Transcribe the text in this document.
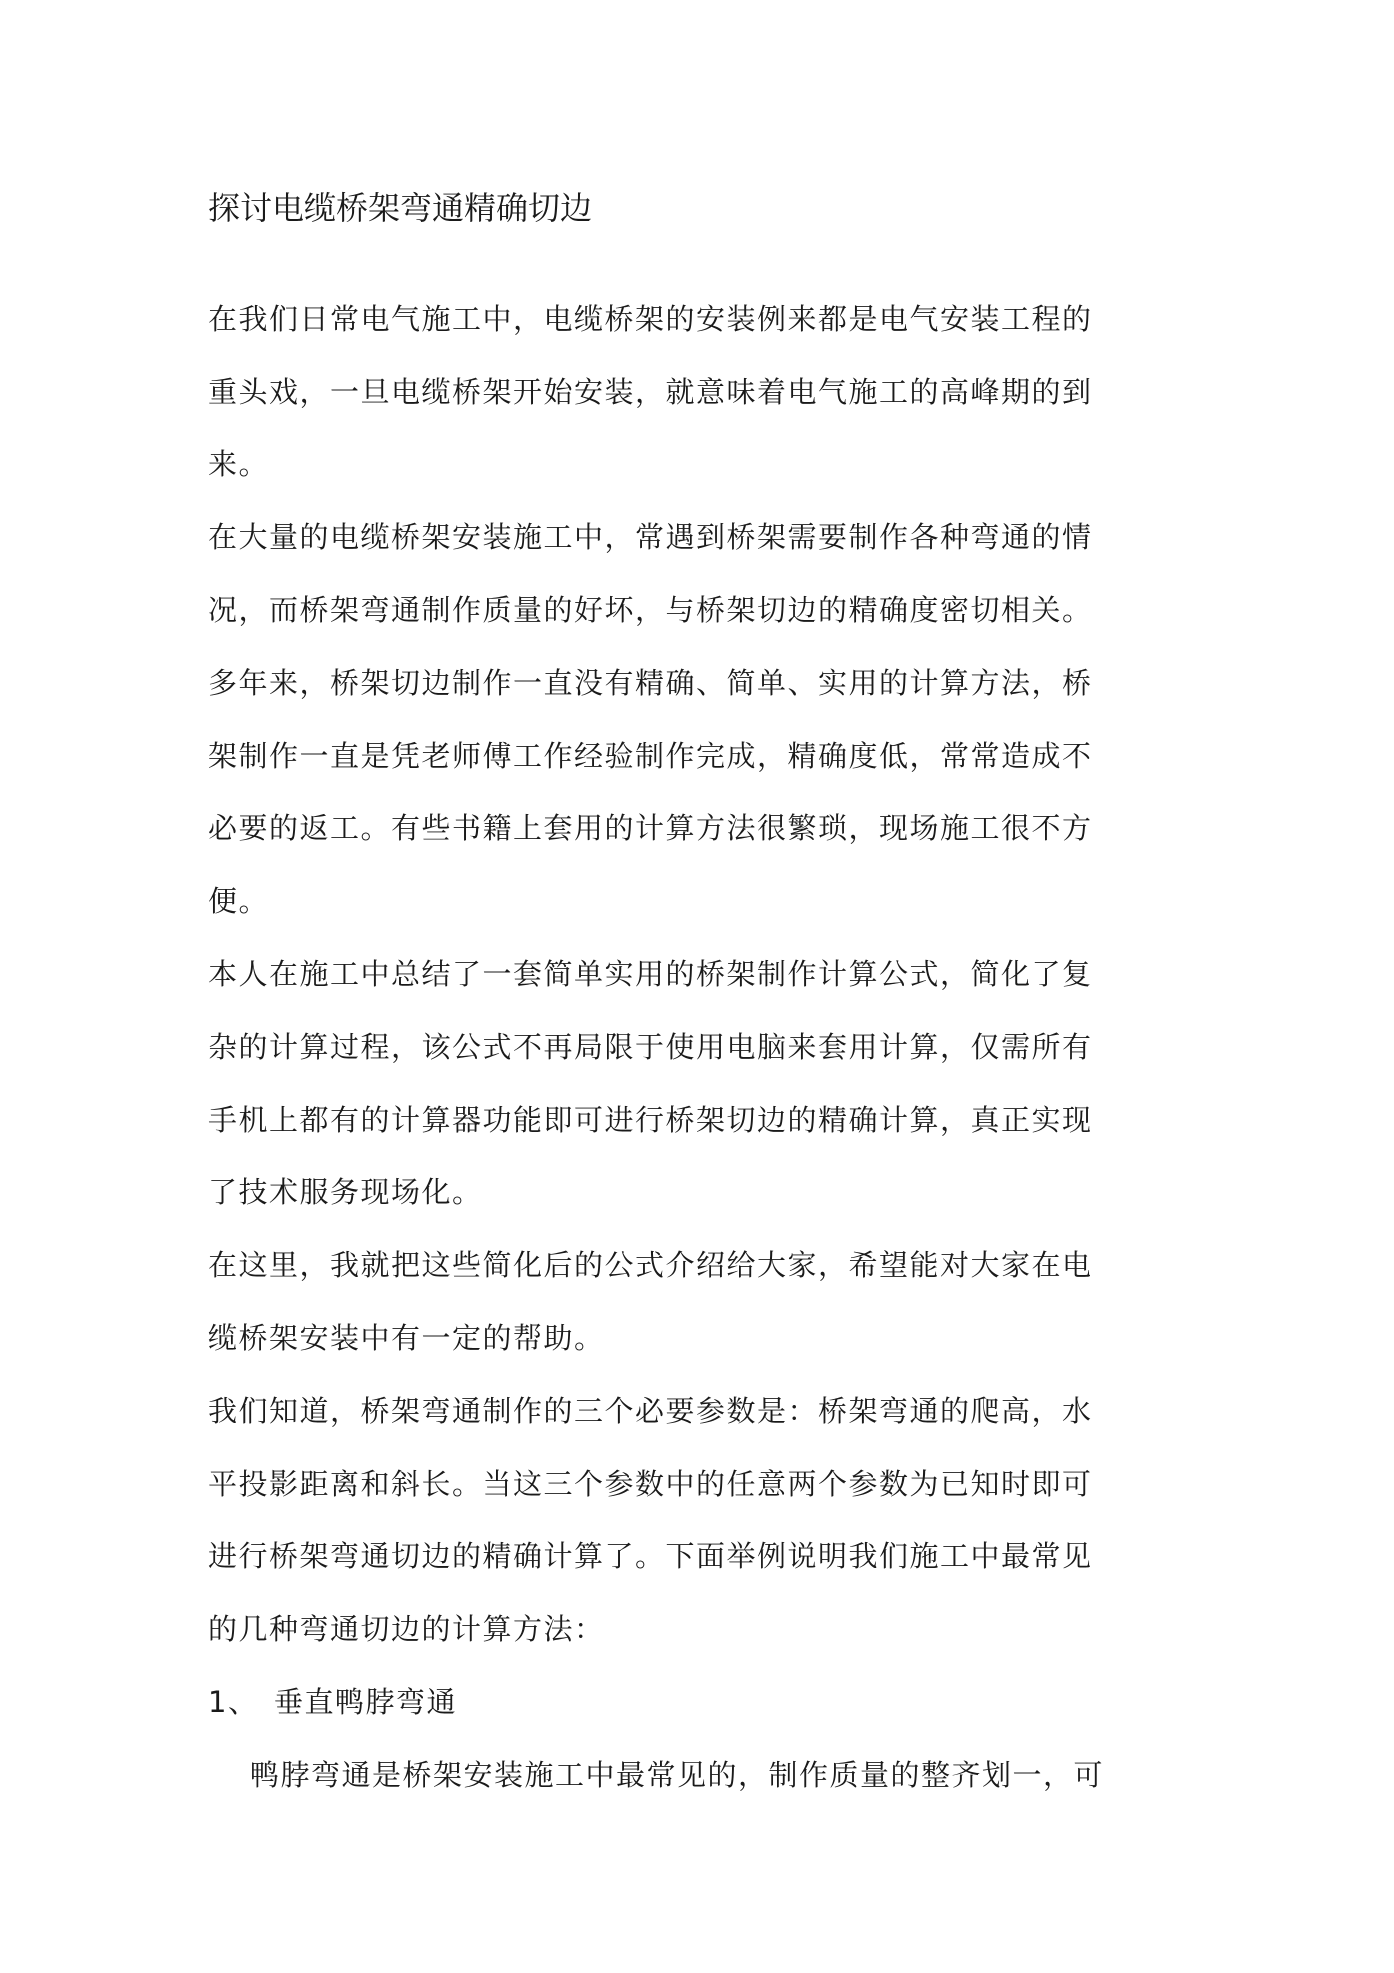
探讨电缆桥架弯通精确切边

在我们日常电气施工中，电缆桥架的安装例来都是电气安装工程的

重头戏，一旦电缆桥架开始安装，就意味着电气施工的高峰期的到

来。

在大量的电缆桥架安装施工中，常遇到桥架需要制作各种弯通的情

况，而桥架弯通制作质量的好坏，与桥架切边的精确度密切相关。

多年来，桥架切边制作一直没有精确、简单、实用的计算方法，桥

架制作一直是凭老师傅工作经验制作完成，精确度低，常常造成不

必要的返工。有些书籍上套用的计算方法很繁琐，现场施工很不方

便。

本人在施工中总结了一套简单实用的桥架制作计算公式，简化了复

杂的计算过程，该公式不再局限于使用电脑来套用计算，仅需所有

手机上都有的计算器功能即可进行桥架切边的精确计算，真正实现

了技术服务现场化。

在这里，我就把这些简化后的公式介绍给大家，希望能对大家在电

缆桥架安装中有一定的帮助。

我们知道，桥架弯通制作的三个必要参数是：桥架弯通的爬高，水

平投影距离和斜长。当这三个参数中的任意两个参数为已知时即可

进行桥架弯通切边的精确计算了。下面举例说明我们施工中最常见

的几种弯通切边的计算方法：

1、 垂直鸭脖弯通

鸭脖弯通是桥架安装施工中最常见的，制作质量的整齐划一，可
